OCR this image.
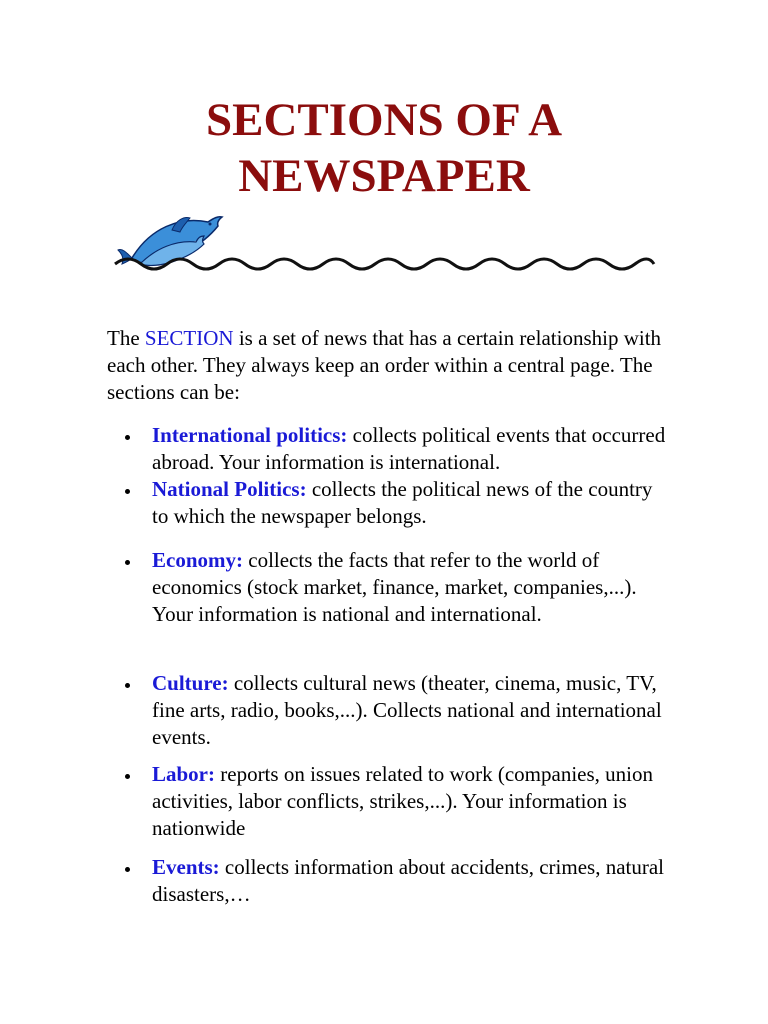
SECTIONS OF A
NEWSPAPER

The SECTION is a set of news that has a certain relationship with each other. They always keep an order within a central page. The sections can be:

International politics: collects political events that occurred abroad. Your information is international.
National Politics: collects the political news of the country to which the newspaper belongs.
Economy: collects the facts that refer to the world of economics (stock market, finance, market, companies,...). Your information is national and international.
Culture: collects cultural news (theater, cinema, music, TV, fine arts, radio, books,...). Collects national and international events.
Labor: reports on issues related to work (companies, union activities, labor conflicts, strikes,...). Your information is nationwide
Events: collects information about accidents, crimes, natural disasters,…
